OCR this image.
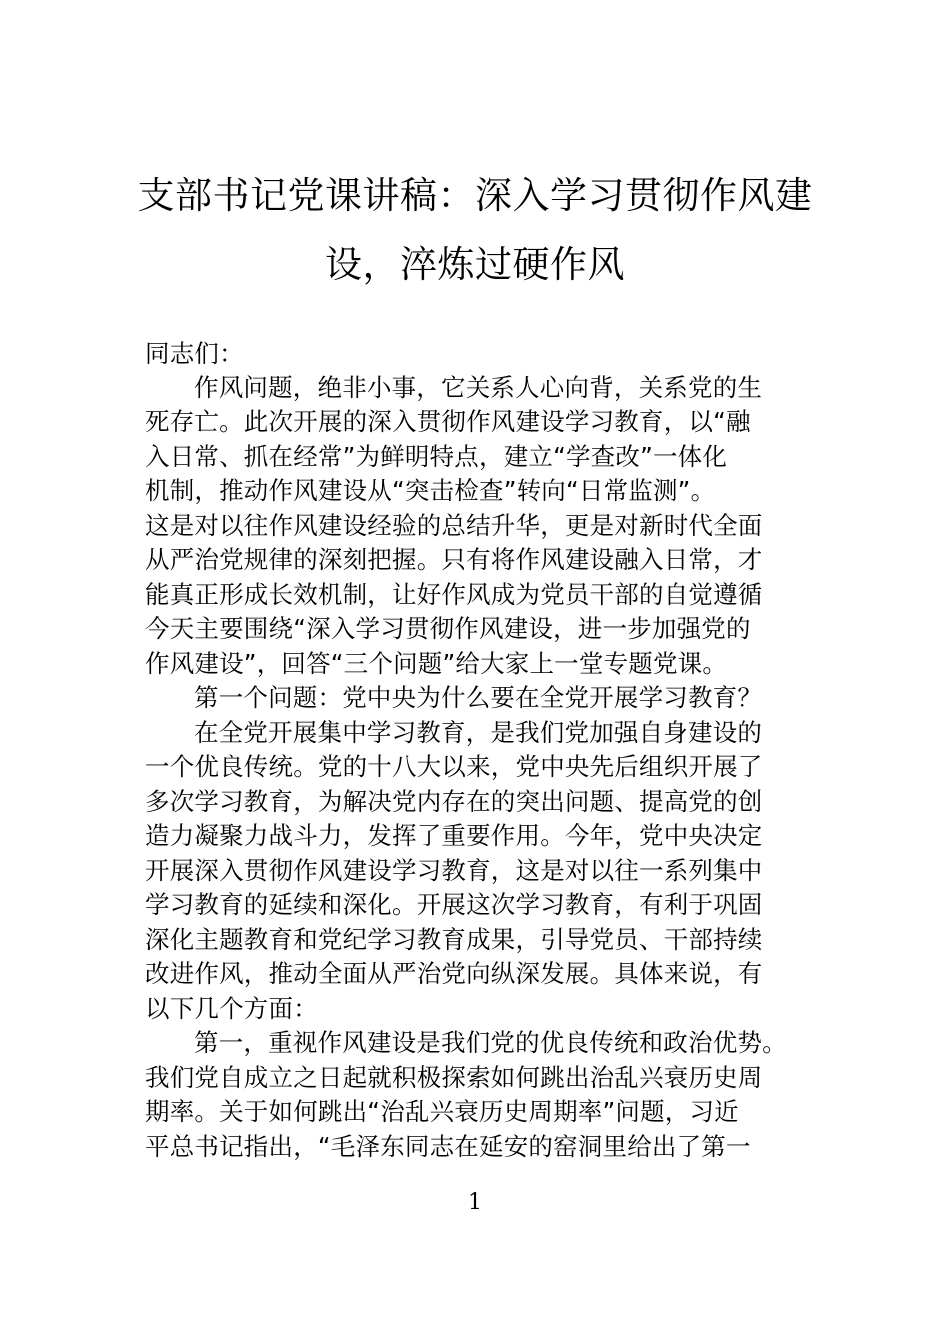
支部书记党课讲稿：深入学习贯彻作风建
设，淬炼过硬作风
同志们：
作风问题，绝非小事，它关系人心向背，关系党的生
死存亡。此次开展的深入贯彻作风建设学习教育，以“融
入日常、抓在经常”为鲜明特点，建立“学查改”一体化
机制，推动作风建设从“突击检查”转向“日常监测”。
这是对以往作风建设经验的总结升华，更是对新时代全面
从严治党规律的深刻把握。只有将作风建设融入日常，才
能真正形成长效机制，让好作风成为党员干部的自觉遵循
今天主要围绕“深入学习贯彻作风建设，进一步加强党的
作风建设”，回答“三个问题”给大家上一堂专题党课。
第一个问题：党中央为什么要在全党开展学习教育？
在全党开展集中学习教育，是我们党加强自身建设的
一个优良传统。党的十八大以来，党中央先后组织开展了
多次学习教育，为解决党内存在的突出问题、提高党的创
造力凝聚力战斗力，发挥了重要作用。今年，党中央决定
开展深入贯彻作风建设学习教育，这是对以往一系列集中
学习教育的延续和深化。开展这次学习教育，有利于巩固
深化主题教育和党纪学习教育成果，引导党员、干部持续
改进作风，推动全面从严治党向纵深发展。具体来说，有
以下几个方面：
第一，重视作风建设是我们党的优良传统和政治优势。
我们党自成立之日起就积极探索如何跳出治乱兴衰历史周
期率。关于如何跳出“治乱兴衰历史周期率”问题，习近
平总书记指出，“毛泽东同志在延安的窑洞里给出了第一
1
